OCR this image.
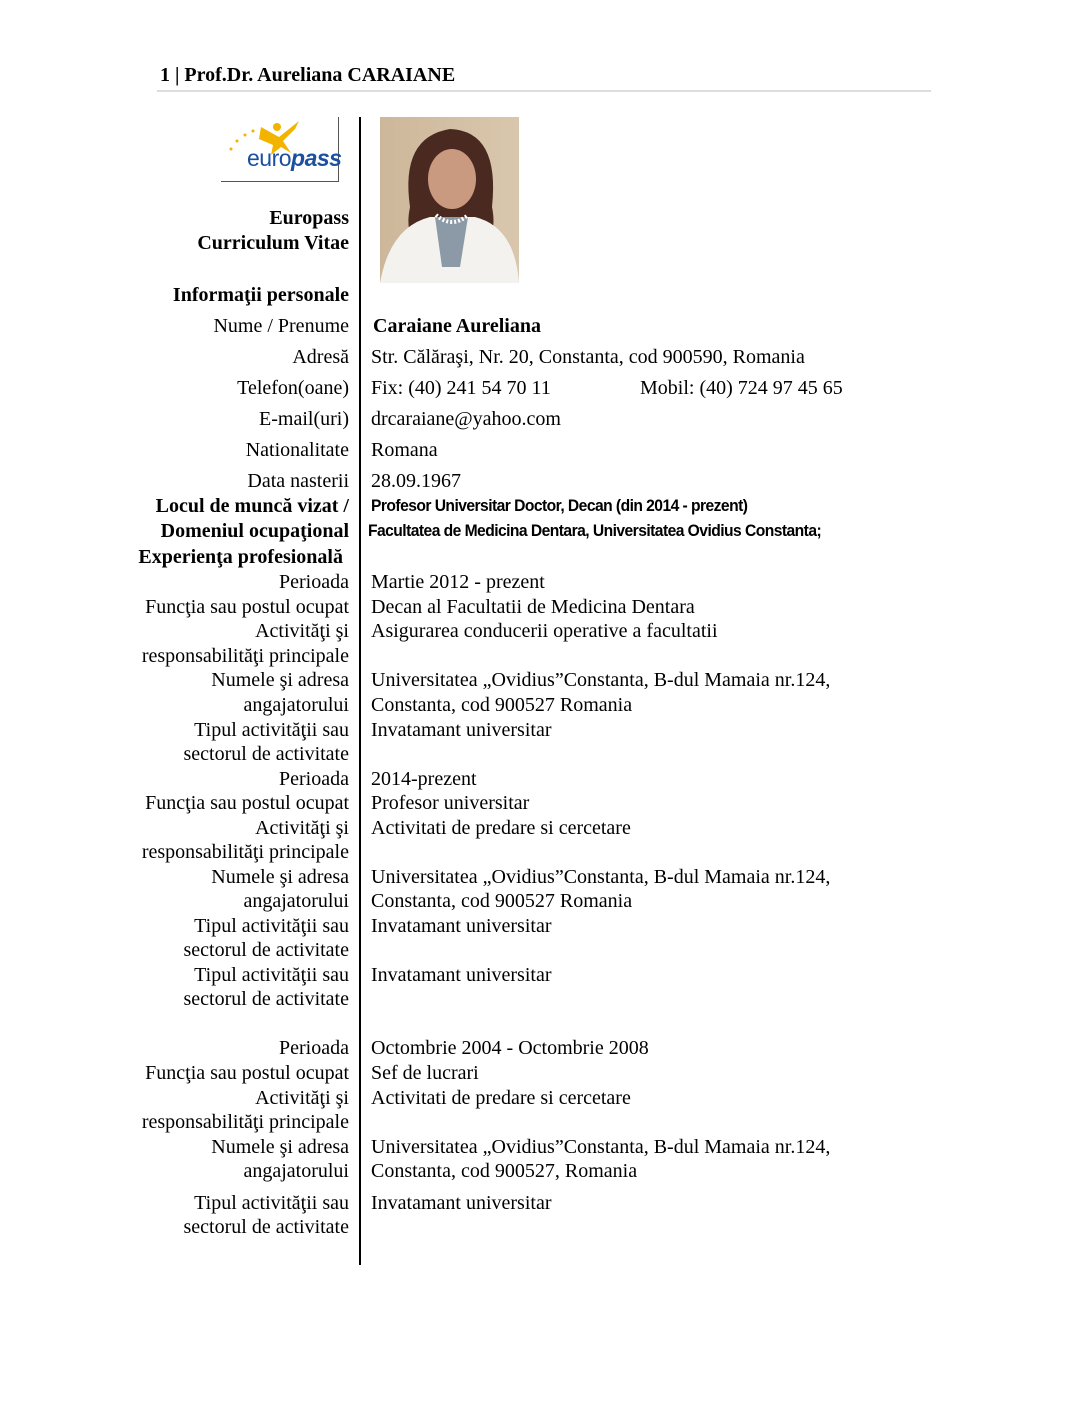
1 | Prof.Dr. Aureliana CARAIANE
europass
Europass
Curriculum Vitae
Informaţii personale
Nume / Prenume Caraiane Aureliana
Adresă Str. Călăraşi, Nr. 20, Constanta, cod 900590, Romania
Telefon(oane) Fix: (40) 241 54 70 11	Mobil: (40) 724 97 45 65
E-mail(uri) drcaraiane@yahoo.com
Nationalitate Romana
Data nasterii 28.09.1967
Locul de muncă vizat / Profesor Universitar Doctor, Decan (din 2014 - prezent)
Domeniul ocupaţional Facultatea de Medicina Dentara, Universitatea Ovidius Constanta;
Experienţa profesională
Perioada Martie 2012 - prezent
Funcţia sau postul ocupat Decan al Facultatii de Medicina Dentara
Activităţi şi Asigurarea conducerii operative a facultatii
responsabilităţi principale
Numele şi adresa Universitatea „Ovidius”Constanta, B-dul Mamaia nr.124,
angajatorului Constanta, cod 900527 Romania
Tipul activităţii sau Invatamant universitar
sectorul de activitate
Perioada 2014-prezent
Funcţia sau postul ocupat Profesor universitar
Activităţi şi Activitati de predare si cercetare
responsabilităţi principale
Numele şi adresa Universitatea „Ovidius”Constanta, B-dul Mamaia nr.124,
angajatorului Constanta, cod 900527 Romania
Tipul activităţii sau Invatamant universitar
sectorul de activitate
Tipul activităţii sau Invatamant universitar
sectorul de activitate
Perioada Octombrie 2004 - Octombrie 2008
Funcţia sau postul ocupat Sef de lucrari
Activităţi şi Activitati de predare si cercetare
responsabilităţi principale
Numele şi adresa Universitatea „Ovidius”Constanta, B-dul Mamaia nr.124,
angajatorului Constanta, cod 900527, Romania
Tipul activităţii sau Invatamant universitar
sectorul de activitate
